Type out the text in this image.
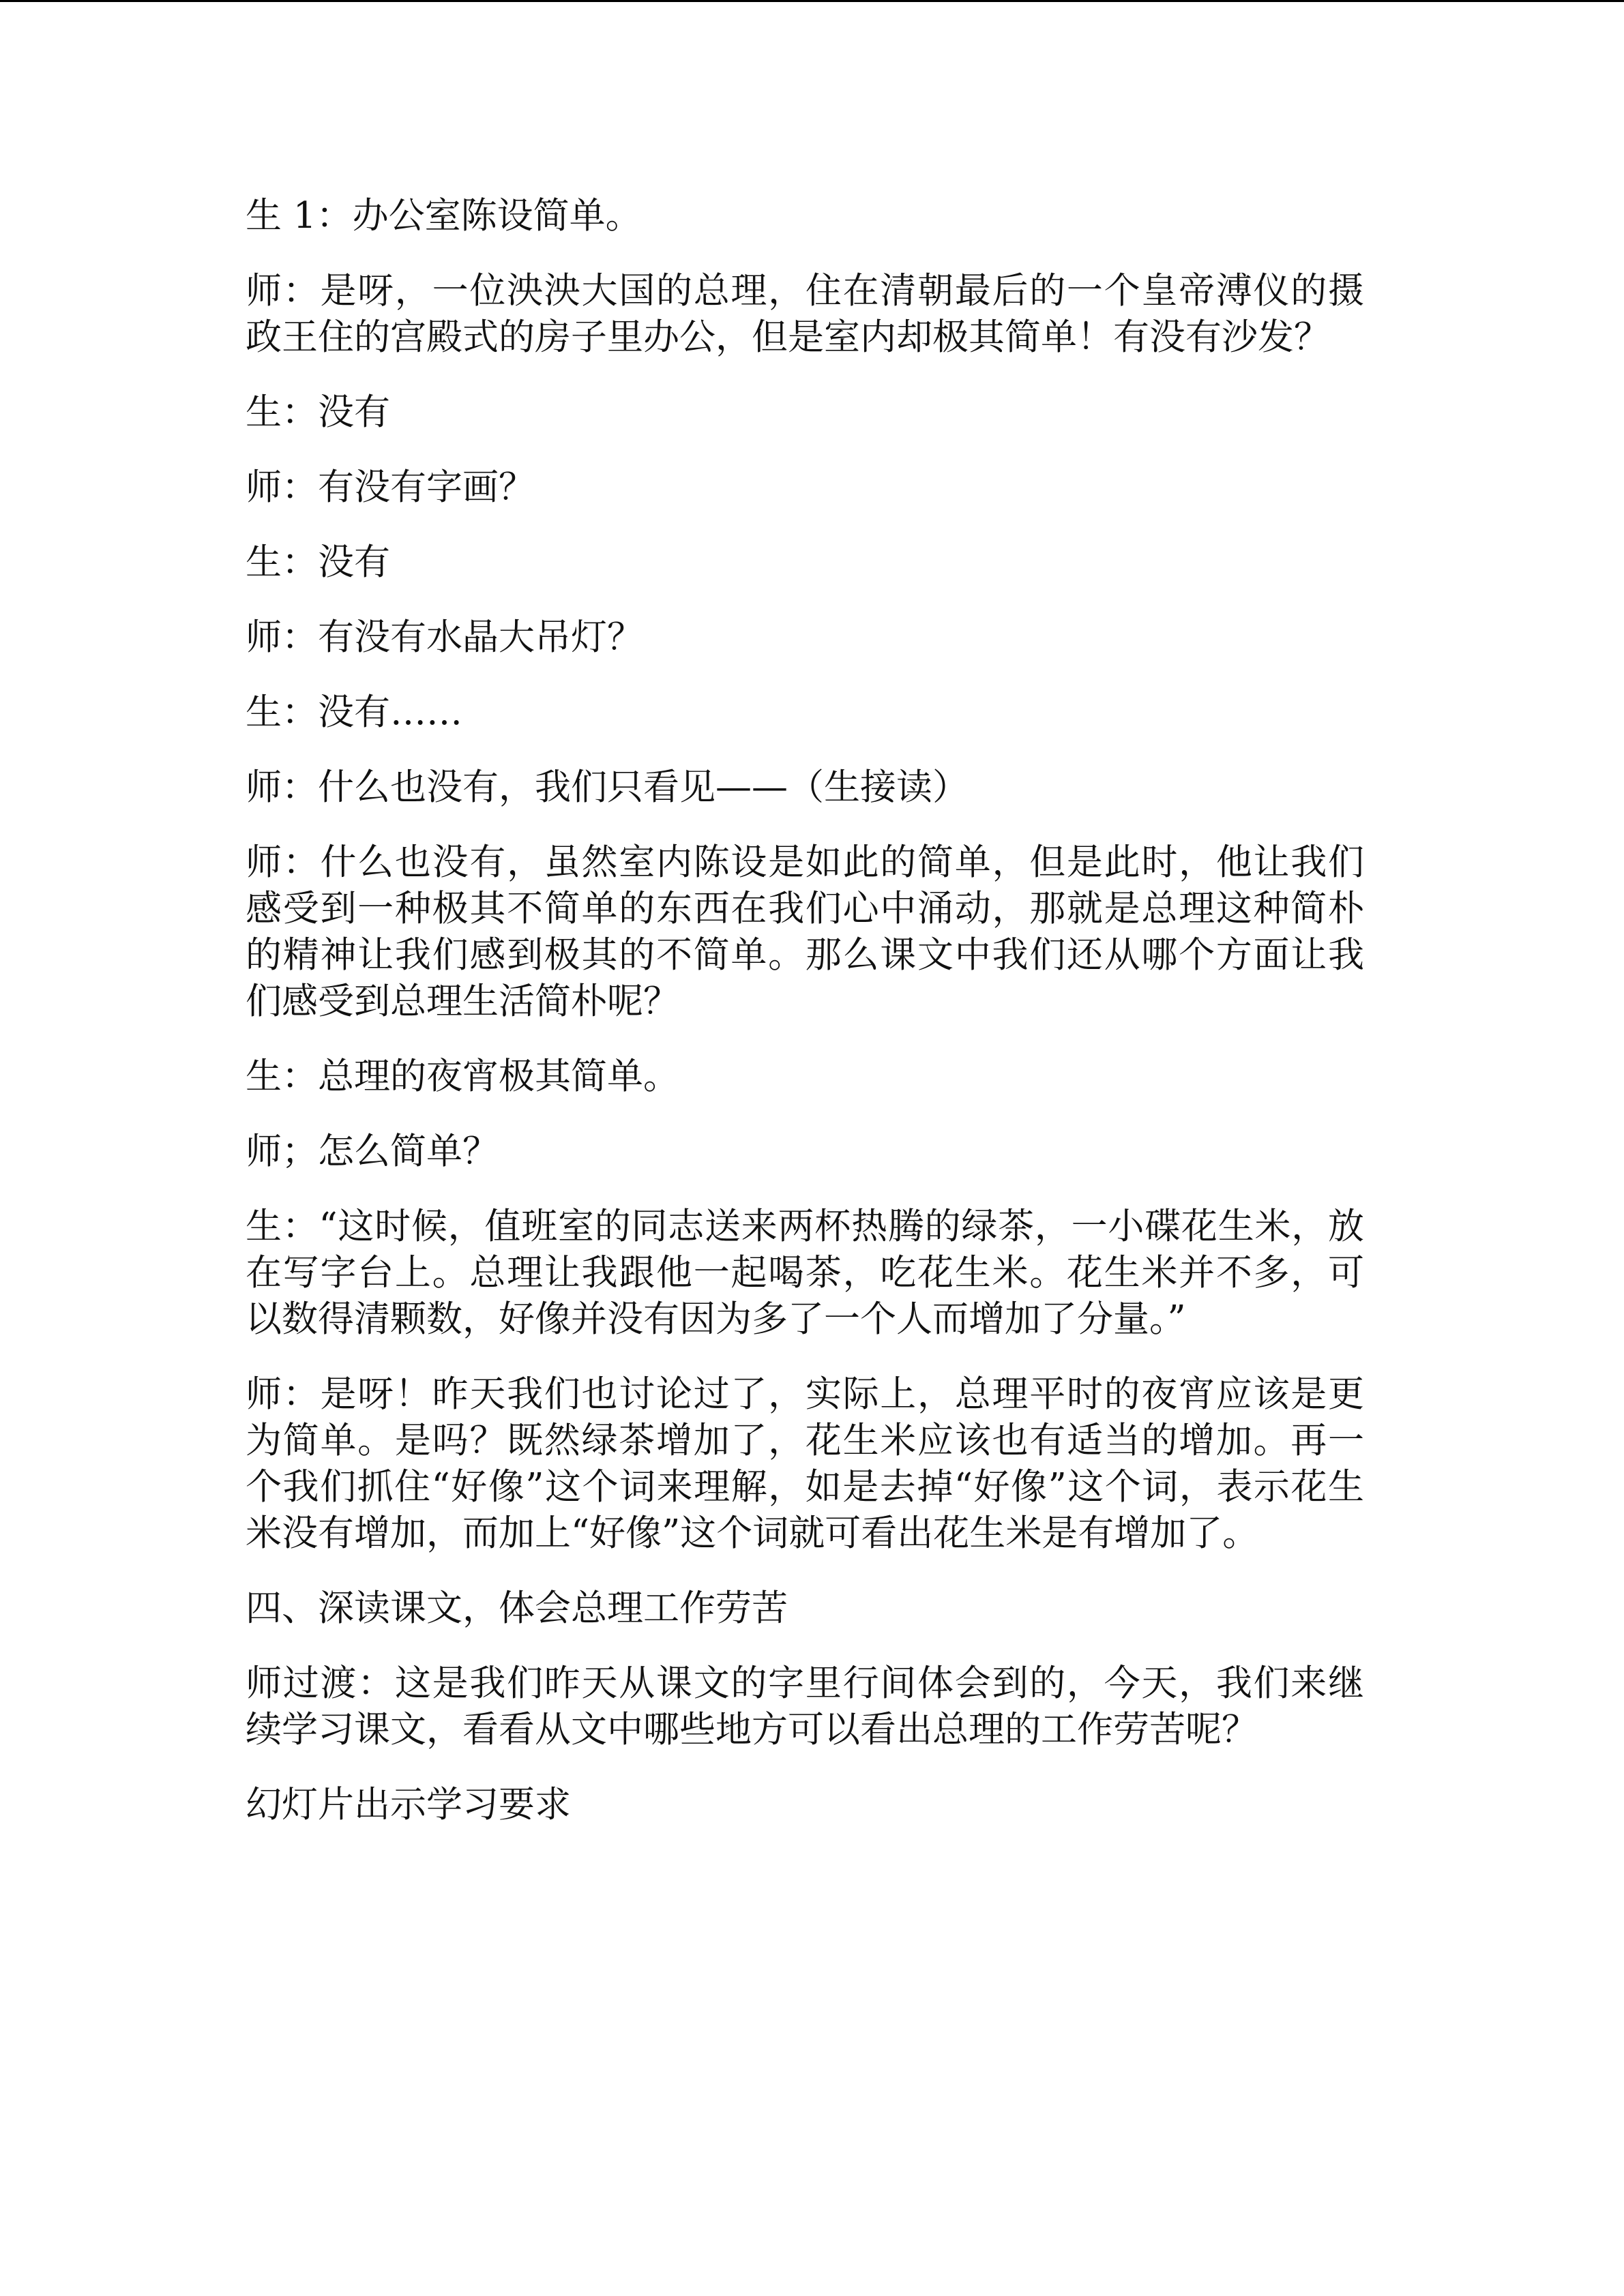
生 1：办公室陈设简单。

师：是呀，一位泱泱大国的总理，住在清朝最后的一个皇帝溥仪的摄政王住的宫殿式的房子里办公，但是室内却极其简单！有没有沙发？

生：没有

师：有没有字画？

生：没有

师：有没有水晶大吊灯？

生：没有……

师：什么也没有，我们只看见——（生接读）

师：什么也没有，虽然室内陈设是如此的简单，但是此时，他让我们感受到一种极其不简单的东西在我们心中涌动，那就是总理这种简朴的精神让我们感到极其的不简单。那么课文中我们还从哪个方面让我们感受到总理生活简朴呢？

生：总理的夜宵极其简单。

师；怎么简单？

生：“这时候，值班室的同志送来两杯热腾的绿茶，一小碟花生米，放在写字台上。总理让我跟他一起喝茶，吃花生米。花生米并不多，可以数得清颗数，好像并没有因为多了一个人而增加了分量。”

师：是呀！昨天我们也讨论过了，实际上，总理平时的夜宵应该是更为简单。是吗？既然绿茶增加了，花生米应该也有适当的增加。再一个我们抓住“好像”这个词来理解，如是去掉“好像”这个词，表示花生米没有增加，而加上“好像”这个词就可看出花生米是有增加了。

四、深读课文，体会总理工作劳苦

师过渡：这是我们昨天从课文的字里行间体会到的，今天，我们来继续学习课文，看看从文中哪些地方可以看出总理的工作劳苦呢？

幻灯片出示学习要求
